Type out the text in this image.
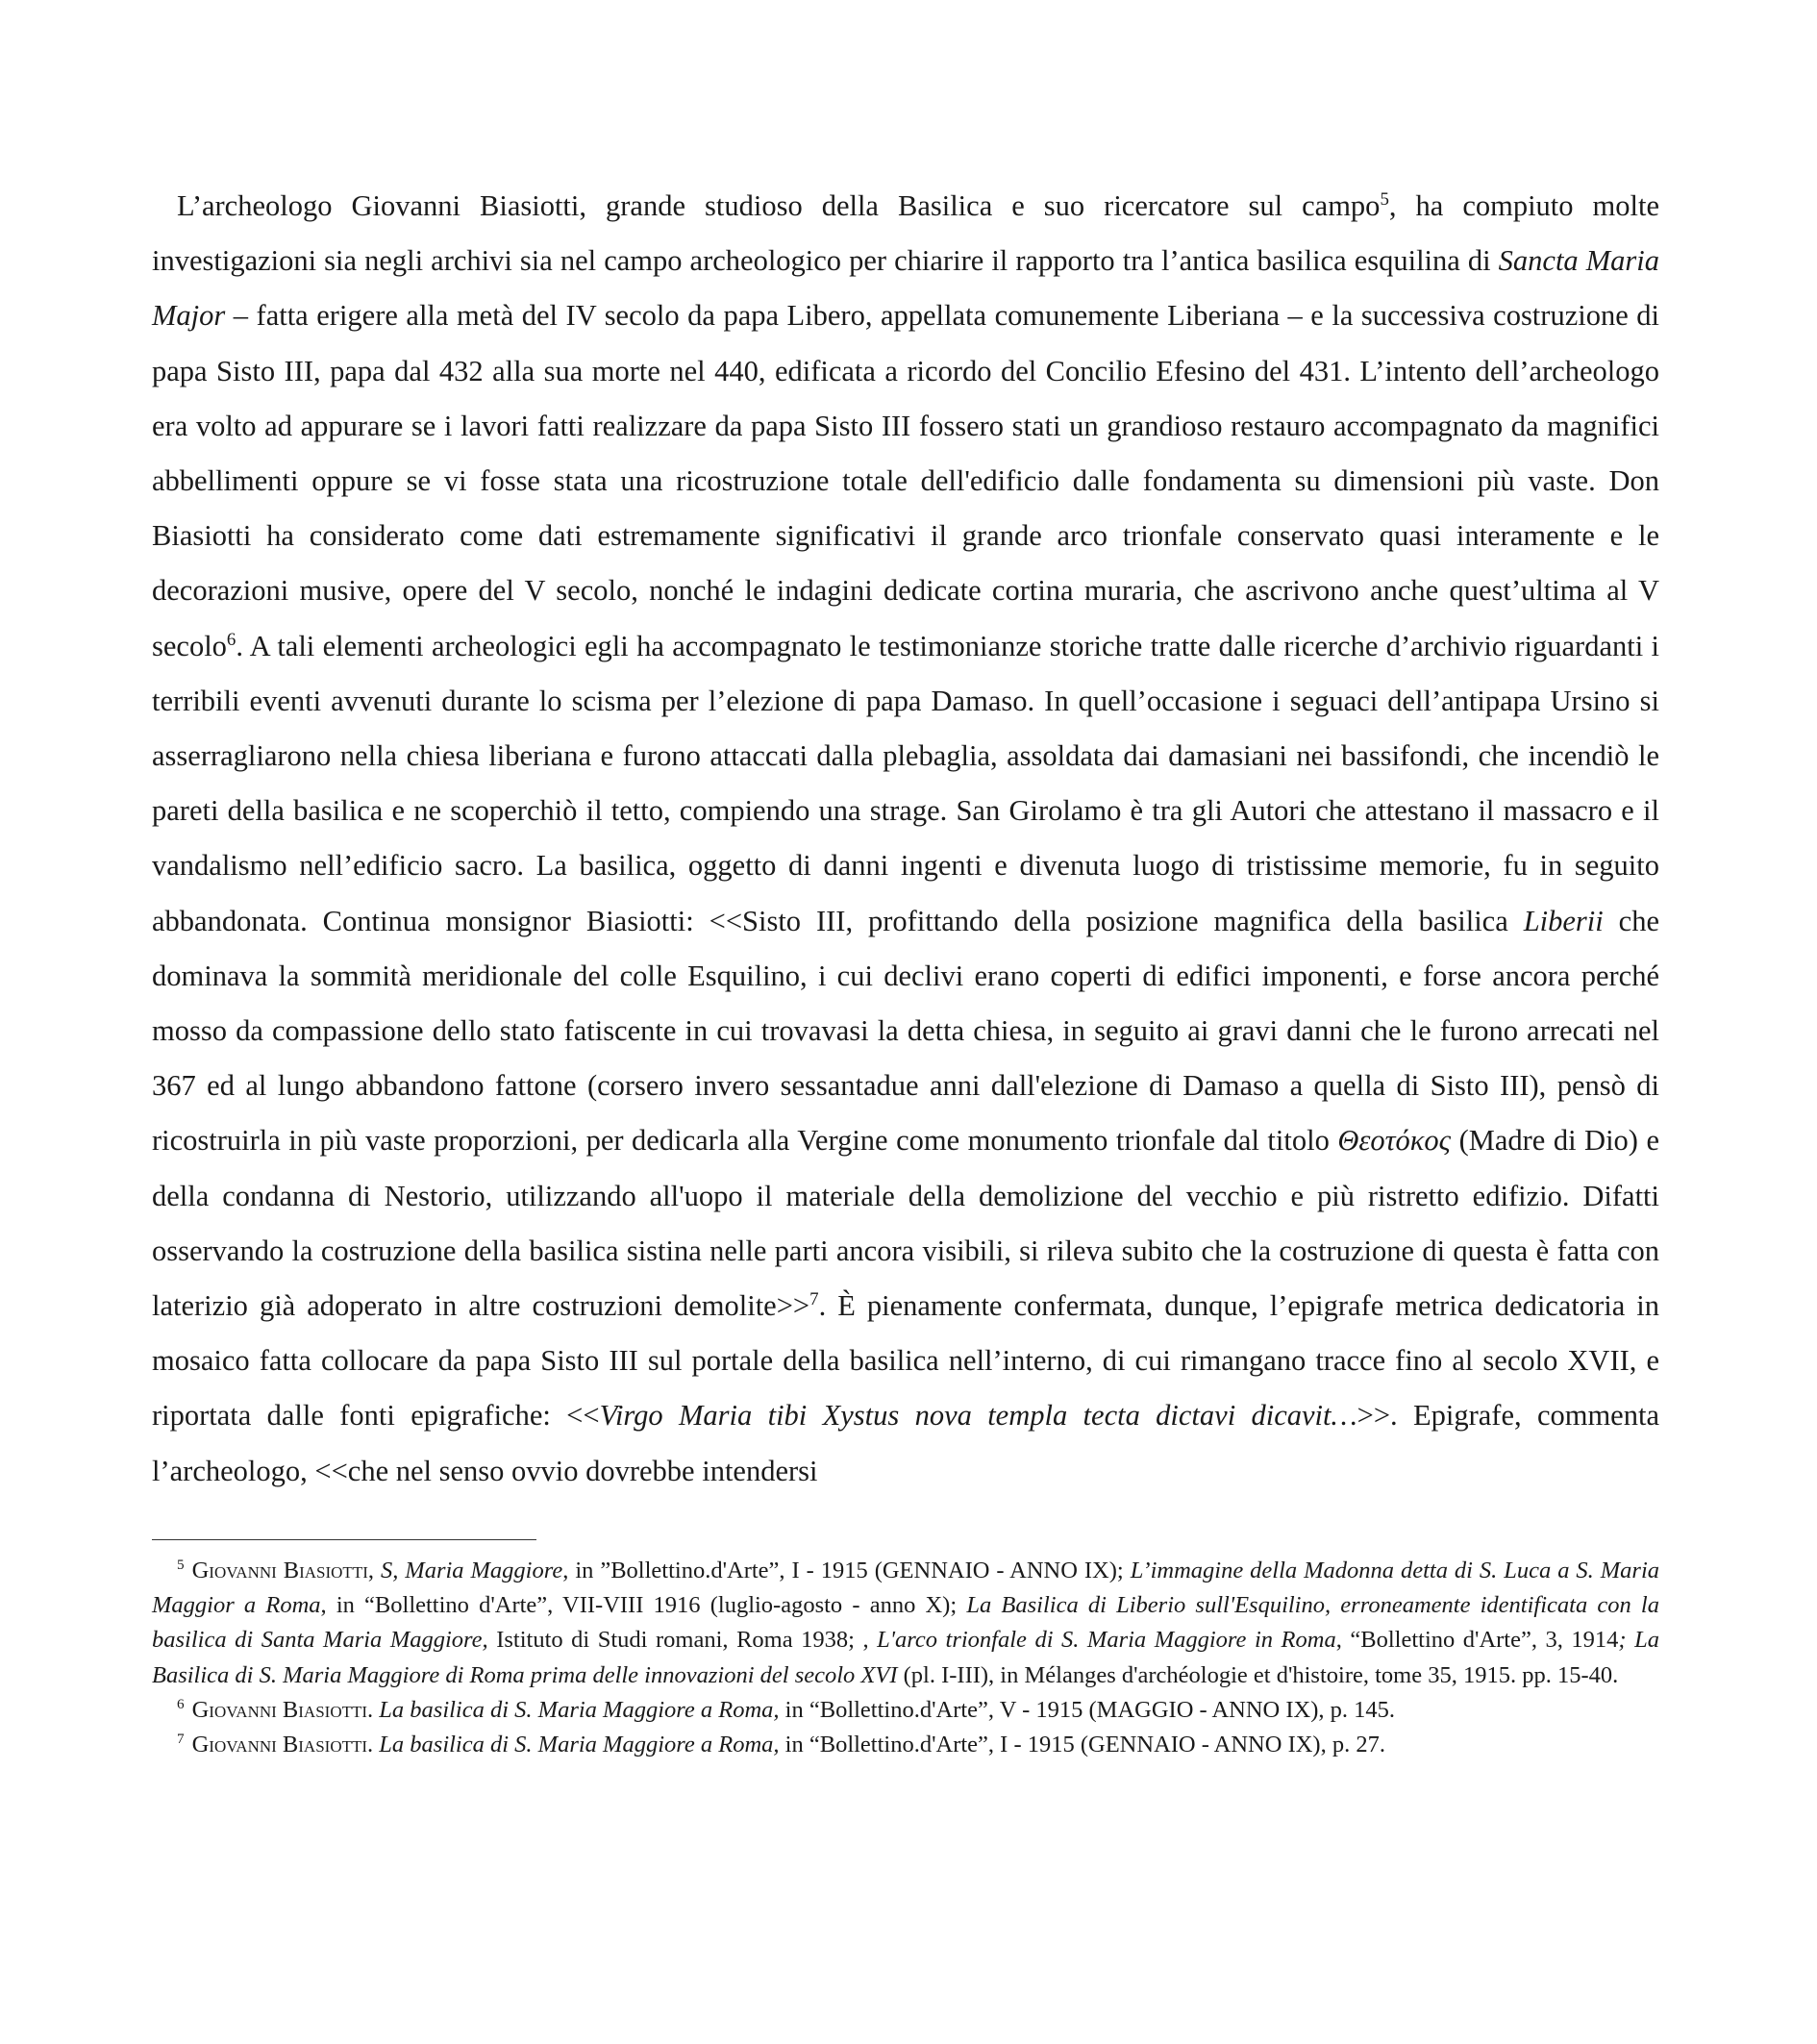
L’archeologo Giovanni Biasiotti, grande studioso della Basilica e suo ricercatore sul campo$^5$, ha compiuto molte investigazioni sia negli archivi sia nel campo archeologico per chiarire il rapporto tra l’antica basilica esquilina di Sancta Maria Major – fatta erigere alla metà del IV secolo da papa Libero, appellata comunemente Liberiana – e la successiva costruzione di papa Sisto III, papa dal 432 alla sua morte nel 440, edificata a ricordo del Concilio Efesino del 431. L’intento dell’archeologo era volto ad appurare se i lavori fatti realizzare da papa Sisto III fossero stati un grandioso restauro accompagnato da magnifici abbellimenti oppure se vi fosse stata una ricostruzione totale dell'edificio dalle fondamenta su dimensioni più vaste. Don Biasiotti ha considerato come dati estremamente significativi il grande arco trionfale conservato quasi interamente e le decorazioni musive, opere del V secolo, nonché le indagini dedicate cortina muraria, che ascrivono anche quest’ultima al V secolo$^6$. A tali elementi archeologici egli ha accompagnato le testimonianze storiche tratte dalle ricerche d’archivio riguardanti i terribili eventi avvenuti durante lo scisma per l’elezione di papa Damaso. In quell’occasione i seguaci dell’antipapa Ursino si asserragliarono nella chiesa liberiana e furono attaccati dalla plebaglia, assoldata dai damasiani nei bassifondi, che incendiò le pareti della basilica e ne scoperchiò il tetto, compiendo una strage. San Girolamo è tra gli Autori che attestano il massacro e il vandalismo nell’edificio sacro. La basilica, oggetto di danni ingenti e divenuta luogo di tristissime memorie, fu in seguito abbandonata. Continua monsignor Biasiotti: <<Sisto III, profittando della posizione magnifica della basilica Liberii che dominava la sommità meridionale del colle Esquilino, i cui declivi erano coperti di edifici imponenti, e forse ancora perché mosso da compassione dello stato fatiscente in cui trovavasi la detta chiesa, in seguito ai gravi danni che le furono arrecati nel 367 ed al lungo abbandono fattone (corsero invero sessantadue anni dall'elezione di Damaso a quella di Sisto III), pensò di ricostruirla in più vaste proporzioni, per dedicarla alla Vergine come monumento trionfale dal titolo Θεοτόκος (Madre di Dio) e della condanna di Nestorio, utilizzando all'uopo il materiale della demolizione del vecchio e più ristretto edifizio. Difatti osservando la costruzione della basilica sistina nelle parti ancora visibili, si rileva subito che la costruzione di questa è fatta con laterizio già adoperato in altre costruzioni demolite>>$^7$. È pienamente confermata, dunque, l’epigrafe metrica dedicatoria in mosaico fatta collocare da papa Sisto III sul portale della basilica nell’interno, di cui rimangano tracce fino al secolo XVII, e riportata dalle fonti epigrafiche: <<Virgo Maria tibi Xystus nova templa tecta dictavi dicavit…>>. Epigrafe, commenta l’archeologo, <<che nel senso ovvio dovrebbe intendersi

$^5$ Giovanni Biasiotti, S, Maria Maggiore, in ”Bollettino.d'Arte”, I - 1915 (GENNAIO - ANNO IX); L’immagine della Madonna detta di S. Luca a S. Maria Maggior a Roma, in “Bollettino d'Arte”, VII-VIII 1916 (luglio-agosto - anno X); La Basilica di Liberio sull'Esquilino, erroneamente identificata con la basilica di Santa Maria Maggiore, Istituto di Studi romani, Roma 1938; , L'arco trionfale di S. Maria Maggiore in Roma, “Bollettino d'Arte”, 3, 1914; La Basilica di S. Maria Maggiore di Roma prima delle innovazioni del secolo XVI (pl. I-III), in Mélanges d'archéologie et d'histoire, tome 35, 1915. pp. 15-40.

$^6$ Giovanni Biasiotti. La basilica di S. Maria Maggiore a Roma, in “Bollettino.d'Arte”, V - 1915 (MAGGIO - ANNO IX), p. 145.

$^7$ Giovanni Biasiotti. La basilica di S. Maria Maggiore a Roma, in “Bollettino.d'Arte”, I - 1915 (GENNAIO - ANNO IX), p. 27.
